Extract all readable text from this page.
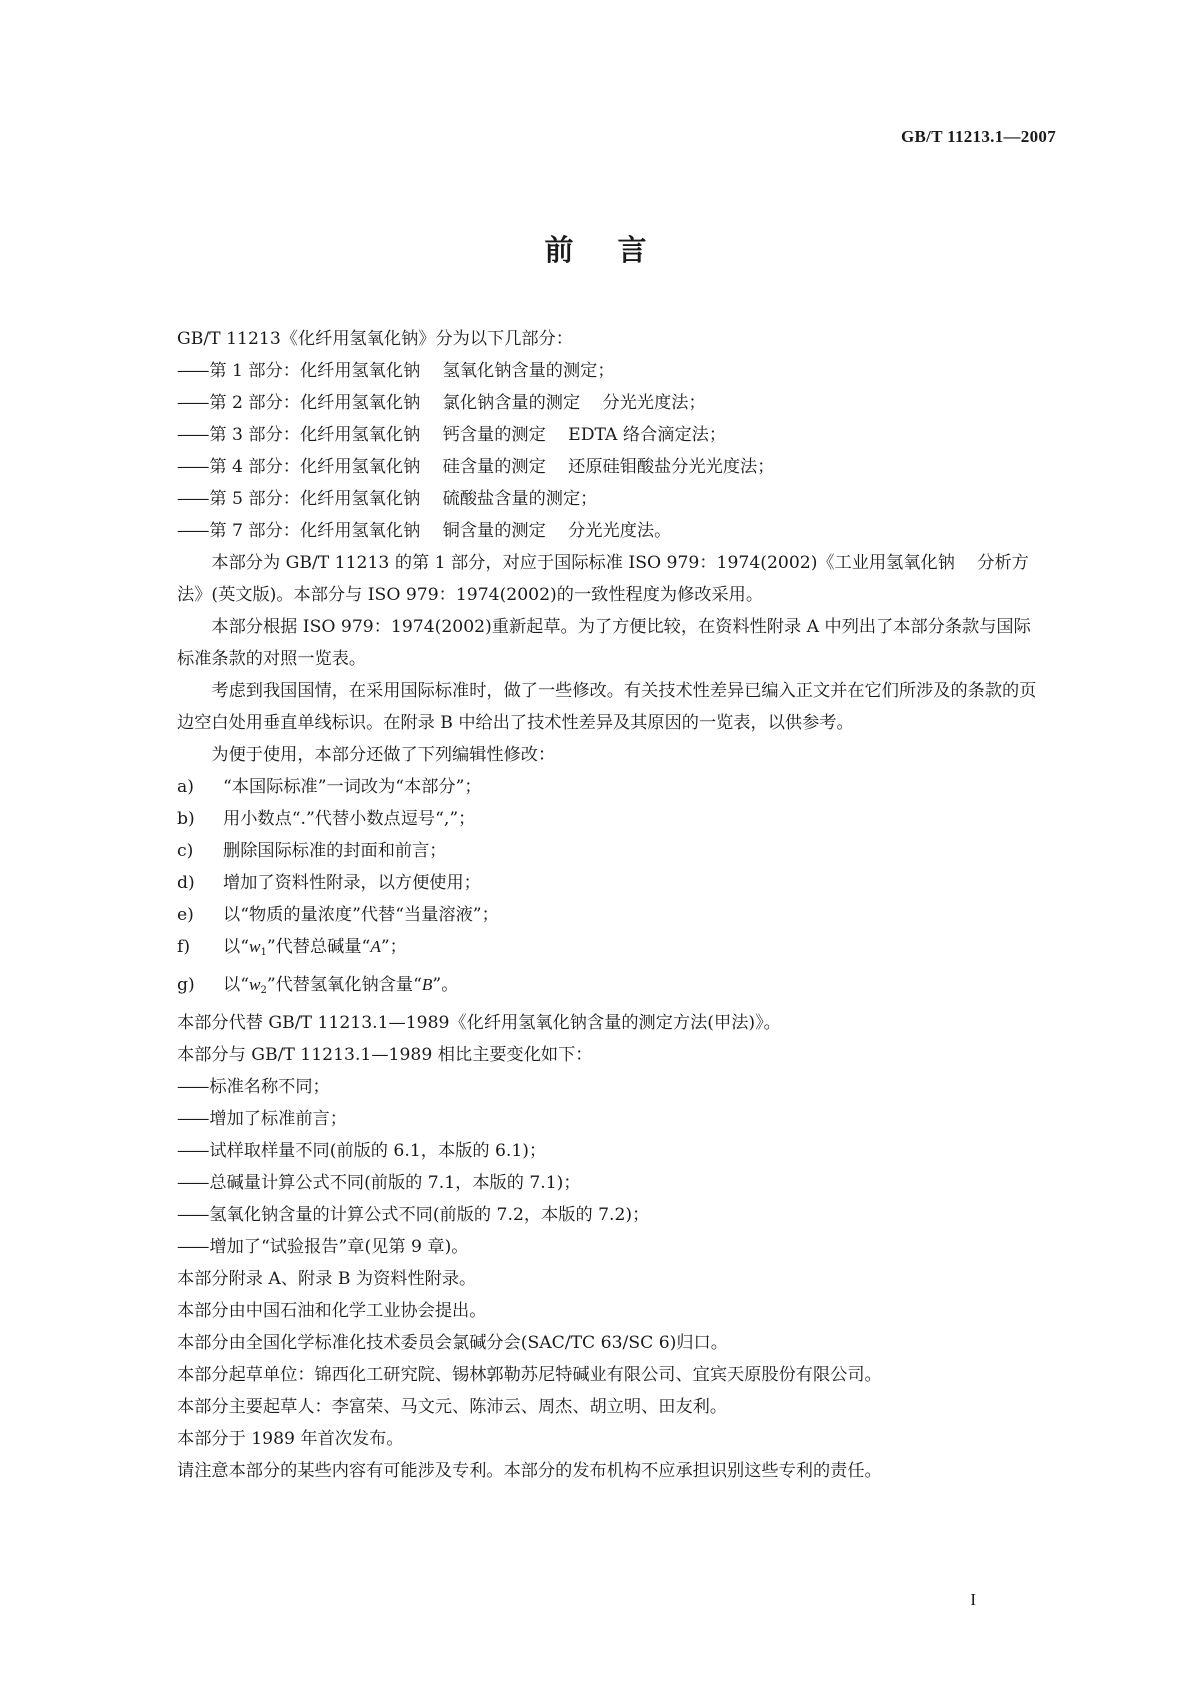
GB/T 11213.1—2007
前言

GB/T 11213《化纤用氢氧化钠》分为以下几部分：

—— 第 1 部分：化纤用氢氧化钠 氢氧化钠含量的测定；

—— 第 2 部分：化纤用氢氧化钠 氯化钠含量的测定 分光光度法；

—— 第 3 部分：化纤用氢氧化钠 钙含量的测定 EDTA 络合滴定法；

—— 第 4 部分：化纤用氢氧化钠 硅含量的测定 还原硅钼酸盐分光光度法；

—— 第 5 部分：化纤用氢氧化钠 硫酸盐含量的测定；

—— 第 7 部分：化纤用氢氧化钠 铜含量的测定 分光光度法。

本部分为 GB/T 11213 的第 1 部分，对应于国际标准 ISO 979：1974(2002)《工业用氢氧化钠 分析方法》(英文版)。本部分与 ISO 979：1974(2002)的一致性程度为修改采用。

本部分根据 ISO 979：1974(2002)重新起草。为了方便比较，在资料性附录 A 中列出了本部分条款与国际标准条款的对照一览表。

考虑到我国国情，在采用国际标准时，做了一些修改。有关技术性差异已编入正文并在它们所涉及的条款的页边空白处用垂直单线标识。在附录 B 中给出了技术性差异及其原因的一览表，以供参考。

为便于使用，本部分还做了下列编辑性修改：

a)	“本国际标准”一词改为“本部分”；
b)	用小数点“.”代替小数点逗号“,”；
c)	删除国际标准的封面和前言；
d)	增加了资料性附录，以方便使用；
e)	以“物质的量浓度”代替“当量溶液”；
f)	以“$w_1$”代替总碱量“A”；
g)	以“$w_2$”代替氢氧化钠含量“B”。

本部分代替 GB/T 11213.1—1989《化纤用氢氧化钠含量的测定方法(甲法)》。

本部分与 GB/T 11213.1—1989 相比主要变化如下：

—— 标准名称不同；

—— 增加了标准前言；

—— 试样取样量不同(前版的 6.1，本版的 6.1)；

—— 总碱量计算公式不同(前版的 7.1，本版的 7.1)；

—— 氢氧化钠含量的计算公式不同(前版的 7.2，本版的 7.2)；

—— 增加了“试验报告”章(见第 9 章)。

本部分附录 A、附录 B 为资料性附录。

本部分由中国石油和化学工业协会提出。

本部分由全国化学标准化技术委员会氯碱分会(SAC/TC 63/SC 6)归口。

本部分起草单位：锦西化工研究院、锡林郭勒苏尼特碱业有限公司、宜宾天原股份有限公司。

本部分主要起草人：李富荣、马文元、陈沛云、周杰、胡立明、田友利。

本部分于 1989 年首次发布。

请注意本部分的某些内容有可能涉及专利。本部分的发布机构不应承担识别这些专利的责任。

I
